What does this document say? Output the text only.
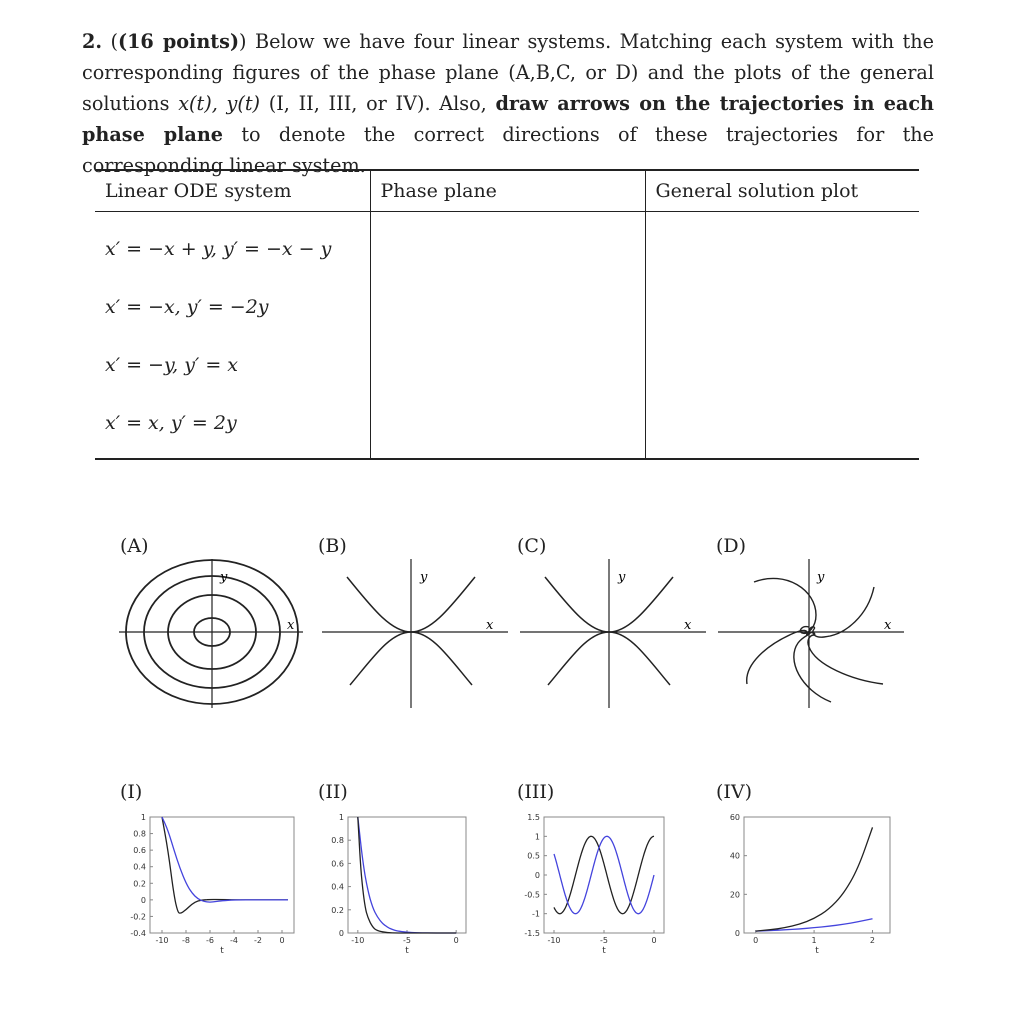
2. ((16 points)) Below we have four linear systems. Matching each system with the corresponding figures of the phase plane (A,B,C, or D) and the plots of the general solutions x(t), y(t) (I, II, III, or IV). Also, draw arrows on the trajectories in each phase plane to denote the correct directions of these trajectories for the corresponding linear system.
Linear ODE system	Phase plane	General solution plot
x′ = −x + y, y′ = −x − y		
x′ = −x, y′ = −2y		
x′ = −y, y′ = x		
x′ = x, y′ = 2y		
(A)	(B)	(C)	(D)
x
y
x
y
x
y
x
y
(I)	(II)	(III)	(IV)
1
0.8
0.6
0.4
0.2
0
-0.2
-0.4
-10 -8 -6 -4 -2 0
t
1
0.8
0.6
0.4
0.2
0
-10	-5	0
t
1.5
1
0.5
0
-0.5
-1
-1.5
-10	-5	0
t
60
40
20
0
0	1	2
t
